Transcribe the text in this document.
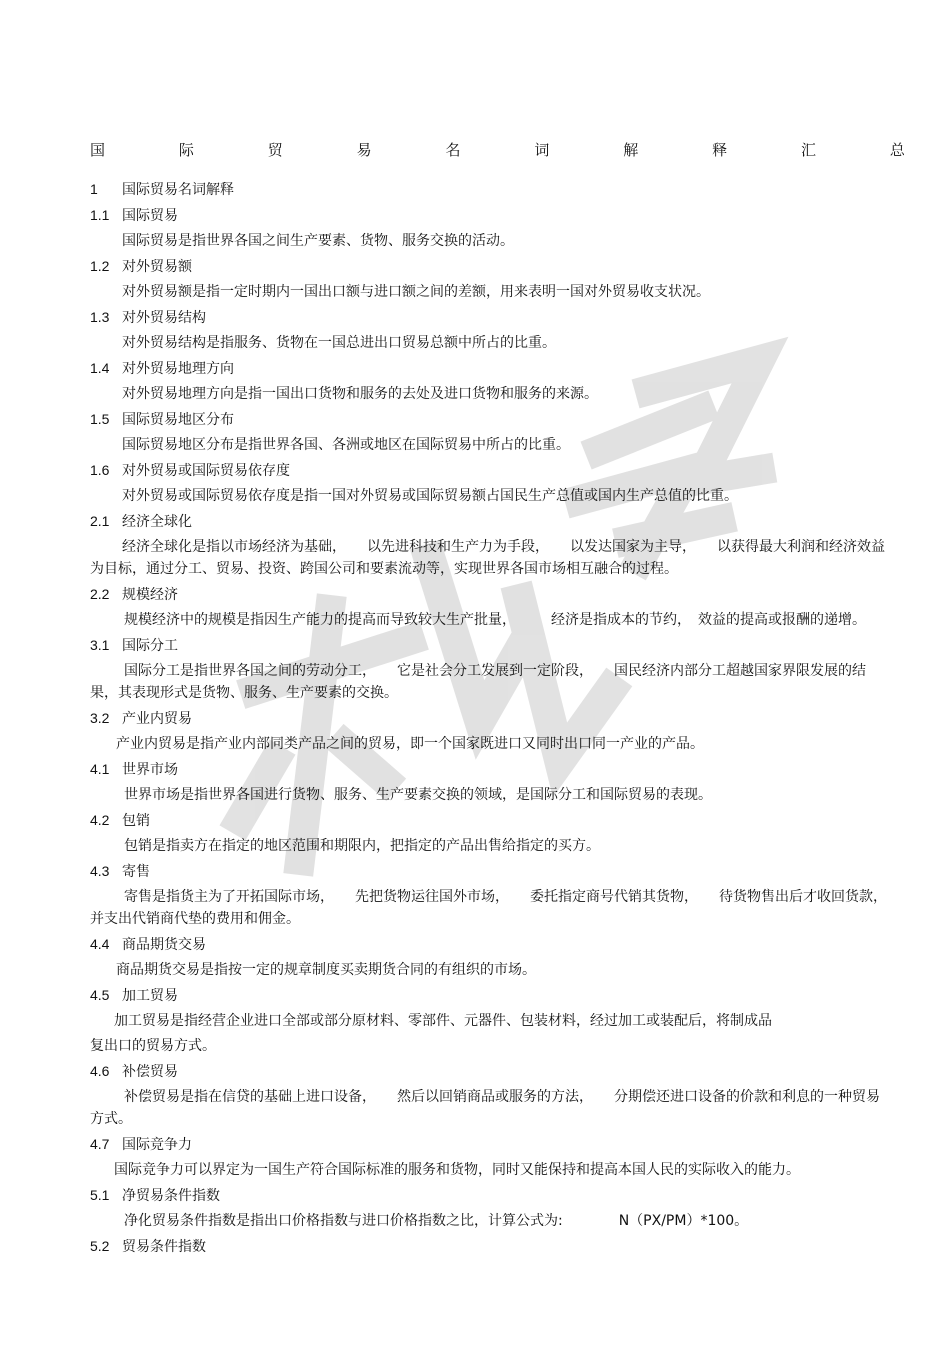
国	际	贸	易	名	词	解	释	汇	总
1 国际贸易名词解释
1.1 国际贸易
国际贸易是指世界各国之间生产要素、货物、服务交换的活动。
1.2 对外贸易额
对外贸易额是指一定时期内一国出口额与进口额之间的差额，用来表明一国对外贸易收支状况。
1.3 对外贸易结构
对外贸易结构是指服务、货物在一国总进出口贸易总额中所占的比重。
1.4 对外贸易地理方向
对外贸易地理方向是指一国出口货物和服务的去处及进口货物和服务的来源。
1.5 国际贸易地区分布
国际贸易地区分布是指世界各国、各洲或地区在国际贸易中所占的比重。
1.6 对外贸易或国际贸易依存度
对外贸易或国际贸易依存度是指一国对外贸易或国际贸易额占国民生产总值或国内生产总值的比重。
2.1 经济全球化
经济全球化是指以市场经济为基础，　　以先进科技和生产力为手段，　　以发达国家为主导，　　以获得最大利润和经济效益为目标，通过分工、贸易、投资、跨国公司和要素流动等，实现世界各国市场相互融合的过程。
2.2 规模经济
规模经济中的规模是指因生产能力的提高而导致较大生产批量，　　　经济是指成本的节约，　效益的提高或报酬的递增。
3.1 国际分工
国际分工是指世界各国之间的劳动分工，　　它是社会分工发展到一定阶段，　　国民经济内部分工超越国家界限发展的结果，其表现形式是货物、服务、生产要素的交换。
3.2 产业内贸易
产业内贸易是指产业内部同类产品之间的贸易，即一个国家既进口又同时出口同一产业的产品。
4.1 世界市场
世界市场是指世界各国进行货物、服务、生产要素交换的领域，是国际分工和国际贸易的表现。
4.2 包销
包销是指卖方在指定的地区范围和期限内，把指定的产品出售给指定的买方。
4.3 寄售
寄售是指货主为了开拓国际市场，　　先把货物运往国外市场，　　委托指定商号代销其货物，　　待货物售出后才收回货款，并支出代销商代垫的费用和佣金。
4.4 商品期货交易
商品期货交易是指按一定的规章制度买卖期货合同的有组织的市场。
4.5 加工贸易
加工贸易是指经营企业进口全部或部分原材料、零部件、元器件、包装材料，经过加工或装配后，将制成品
复出口的贸易方式。
4.6 补偿贸易
补偿贸易是指在信贷的基础上进口设备，　　然后以回销商品或服务的方法，　　分期偿还进口设备的价款和利息的一种贸易方式。
4.7 国际竞争力
国际竞争力可以界定为一国生产符合国际标准的服务和货物，同时又能保持和提高本国人民的实际收入的能力。
5.1 净贸易条件指数
净化贸易条件指数是指出口价格指数与进口价格指数之比，计算公式为:　　　　N（PX/PM）*100。
5.2 贸易条件指数
